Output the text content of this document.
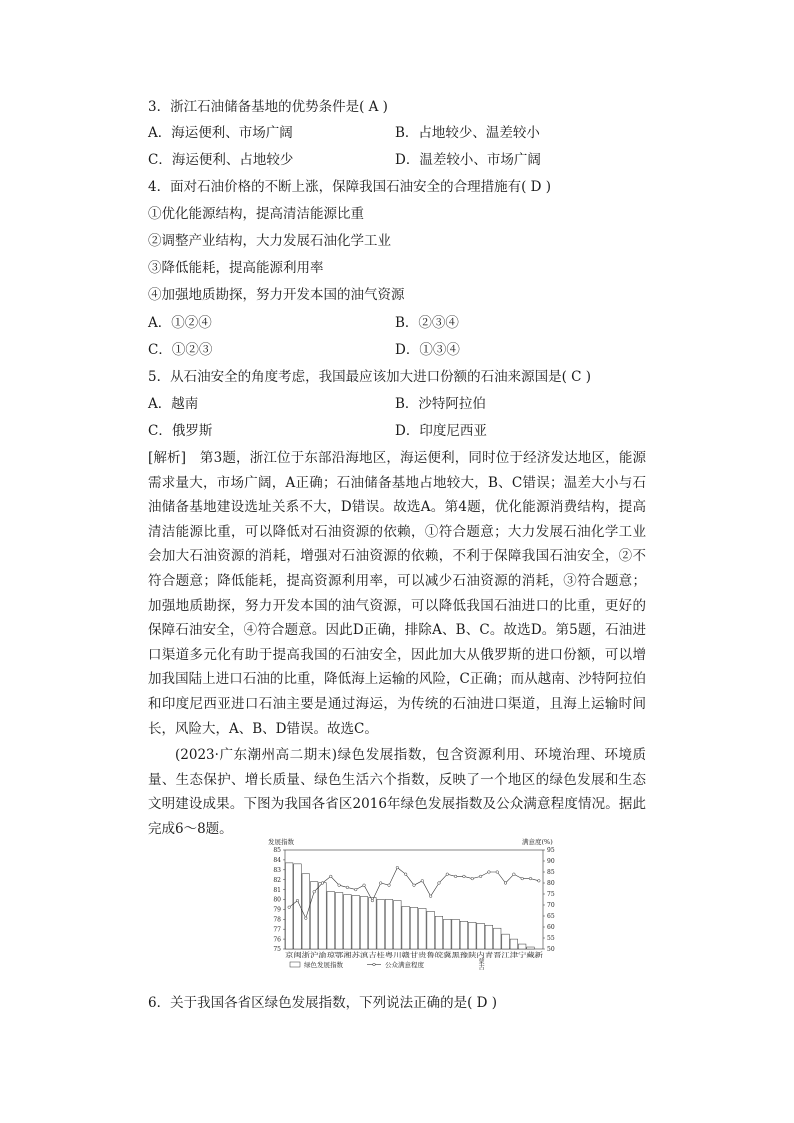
3．浙江石油储备基地的优势条件是( A )
A．海运便利、市场广阔	B．占地较少、温差较小
C．海运便利、占地较少	D．温差较小、市场广阔
4．面对石油价格的不断上涨，保障我国石油安全的合理措施有( D )
①优化能源结构，提高清洁能源比重
②调整产业结构，大力发展石油化学工业
③降低能耗，提高能源利用率
④加强地质勘探，努力开发本国的油气资源
A．①②④	B．②③④
C．①②③	D．①③④
5．从石油安全的角度考虑，我国最应该加大进口份额的石油来源国是( C )
A．越南	B．沙特阿拉伯
C．俄罗斯	D．印度尼西亚
[解析]　第3题，浙江位于东部沿海地区，海运便利，同时位于经济发达地区，能源需求量大，市场广阔，A正确；石油储备基地占地较大，B、C错误；温差大小与石油储备基地建设选址关系不大，D错误。故选A。第4题，优化能源消费结构，提高清洁能源比重，可以降低对石油资源的依赖，①符合题意；大力发展石油化学工业会加大石油资源的消耗，增强对石油资源的依赖，不利于保障我国石油安全，②不符合题意；降低能耗，提高资源利用率，可以减少石油资源的消耗，③符合题意；加强地质勘探，努力开发本国的油气资源，可以降低我国石油进口的比重，更好的保障石油安全，④符合题意。因此D正确，排除A、B、C。故选D。第5题，石油进口渠道多元化有助于提高我国的石油安全，因此加大从俄罗斯的进口份额，可以增加我国陆上进口石油的比重，降低海上运输的风险，C正确；而从越南、沙特阿拉伯和印度尼西亚进口石油主要是通过海运，为传统的石油进口渠道，且海上运输时间长，风险大，A、B、D错误。故选C。
(2023·广东潮州高二期末)绿色发展指数，包含资源利用、环境治理、环境质量、生态保护、增长质量、绿色生活六个指数，反映了一个地区的绿色发展和生态文明建设成果。下图为我国各省区2016年绿色发展指数及公众满意程度情况。据此完成6～8题。
发展指数	满意度(%)
85
84
83
82
81
80
79
78
77
76
75
95
90
85
80
75
70
65
60
55
50
京闽浙沪渝琼鄂湘苏滇吉桂粤川赣甘贵鲁皖冀黑豫陕内青晋江津宁藏新
蒙古
绿色发展指数	公众满意程度
6．关于我国各省区绿色发展指数，下列说法正确的是( D )
